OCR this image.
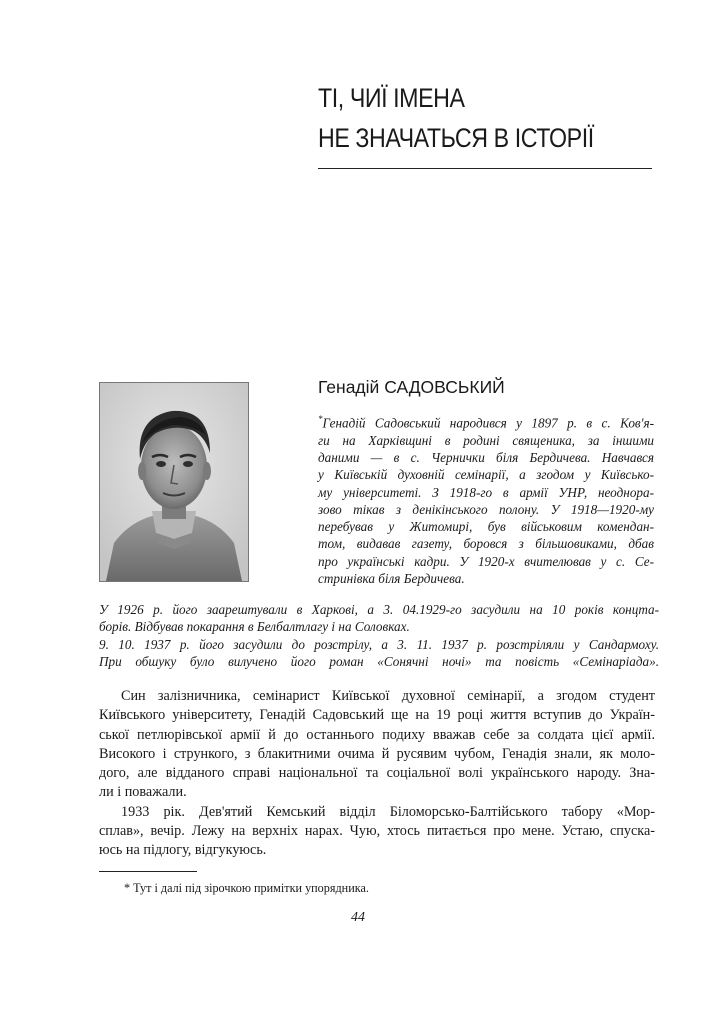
ТІ, ЧИЇ ІМЕНА
НЕ ЗНАЧАТЬСЯ В ІСТОРІЇ
Генадій САДОВСЬКИЙ
*Генадій Садовський народився у 1897 р. в с. Ков'я-
ги на Харківщині в родині священика, за іншими
даними — в с. Чернички біля Бердичева. Навчався
у Київській духовній семінарії, а згодом у Київсько-
му університеті. З 1918-го в армії УНР, неоднора-
зово тікав з денікінського полону. У 1918—1920-му
перебував у Житомирі, був військовим комендан-
том, видавав газету, боровся з більшовиками, дбав
про українські кадри. У 1920-х вчителював у с. Се-
стринівка біля Бердичева.
У 1926 р. його заарештували в Харкові, а 3. 04.1929-го засудили на 10 років концта-
борів. Відбував покарання в Белбалтлагу і на Соловках.
9. 10. 1937 р. його засудили до розстрілу, а 3. 11. 1937 р. розстріляли у Сандармоху.
При обшуку було вилучено його роман «Сонячні ночі» та повість «Семінаріада».
Син залізничника, семінарист Київської духовної семінарії, а згодом студент
Київського університету, Генадій Садовський ще на 19 році життя вступив до Україн-
ської петлюрівської армії й до останнього подиху вважав себе за солдата цієї армії.
Високого і стрункого, з блакитними очима й русявим чубом, Генадія знали, як моло-
дого, але відданого справі національної та соціальної волі українського народу. Зна-
ли і поважали.
1933 рік. Дев'ятий Кемський відділ Біломорсько-Балтійського табору «Мор-
сплав», вечір. Лежу на верхніх нарах. Чую, хтось питається про мене. Устаю, спуска-
юсь на підлогу, відгукуюсь.

* Тут і далі під зірочкою примітки упорядника.

44
